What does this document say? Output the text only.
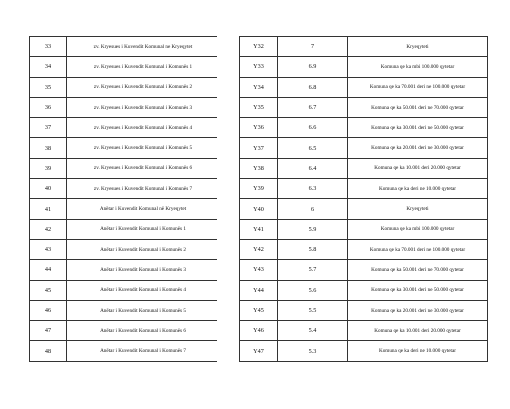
33	zv. Kryesues i Kuvendit Komunal ne Kryeqytet
34	zv. Kryesues i Kuvendit Komunal i Komunës 1
35	zv. Kryesues i Kuvendit Komunal i Komunës 2
36	zv. Kryesues i Kuvendit Komunal i Komunës 3
37	zv. Kryesues i Kuvendit Komunal i Komunës 4
38	zv. Kryesues i Kuvendit Komunal i Komunës 5
39	zv. Kryesues i Kuvendit Komunal i Komunës 6
40	zv. Kryesues i Kuvendit Komunal i Komunës 7
41	Anëtar i Kuvendit Komunal në Kryeqytet
42	Anëtar i Kuvendit Komunal i Komunës 1
43	Anëtar i Kuvendit Komunal i Komunës 2
44	Anëtar i Kuvendit Komunal i Komunës 3
45	Anëtar i Kuvendit Komunal i Komunës 4
46	Anëtar i Kuvendit Komunal i Komunës 5
47	Anëtar i Kuvendit Komunal i Komunës 6
48	Anëtar i Kuvendit Komunal i Komunës 7
Y32	7	Kryeqyteti
Y33	6.9	Komuna qe ka mbi 100.000 qytetar
Y34	6.8	Komuna qe ka 70.001 deri ne 100.000 qytetar
Y35	6.7	Komuna qe ka 50.001 deri ne 70.000 qytetar
Y36	6.6	Komuna qe ka 30.001 deri ne 50.000 qytetar
Y37	6.5	Komuna qe ka 20.001 deri ne 30.000 qytetar
Y38	6.4	Komuna qe ka 10.001 deri 20.000 qytetar
Y39	6.3	Komuna qe ka deri ne 10.000 qytetar
Y40	6	Kryeqyteti
Y41	5.9	Komuna qe ka mbi 100.000 qytetar
Y42	5.8	Komuna qe ka 70.001 deri ne 100.000 qytetar
Y43	5.7	Komuna qe ka 50.001 deri ne 70.000 qytetar
Y44	5.6	Komuna qe ka 30.001 deri ne 50.000 qytetar
Y45	5.5	Komuna qe ka 20.001 deri ne 30.000 qytetar
Y46	5.4	Komuna qe ka 10.001 deri 20.000 qytetar
Y47	5.3	Komuna qe ka deri ne 10.000 qytetar
